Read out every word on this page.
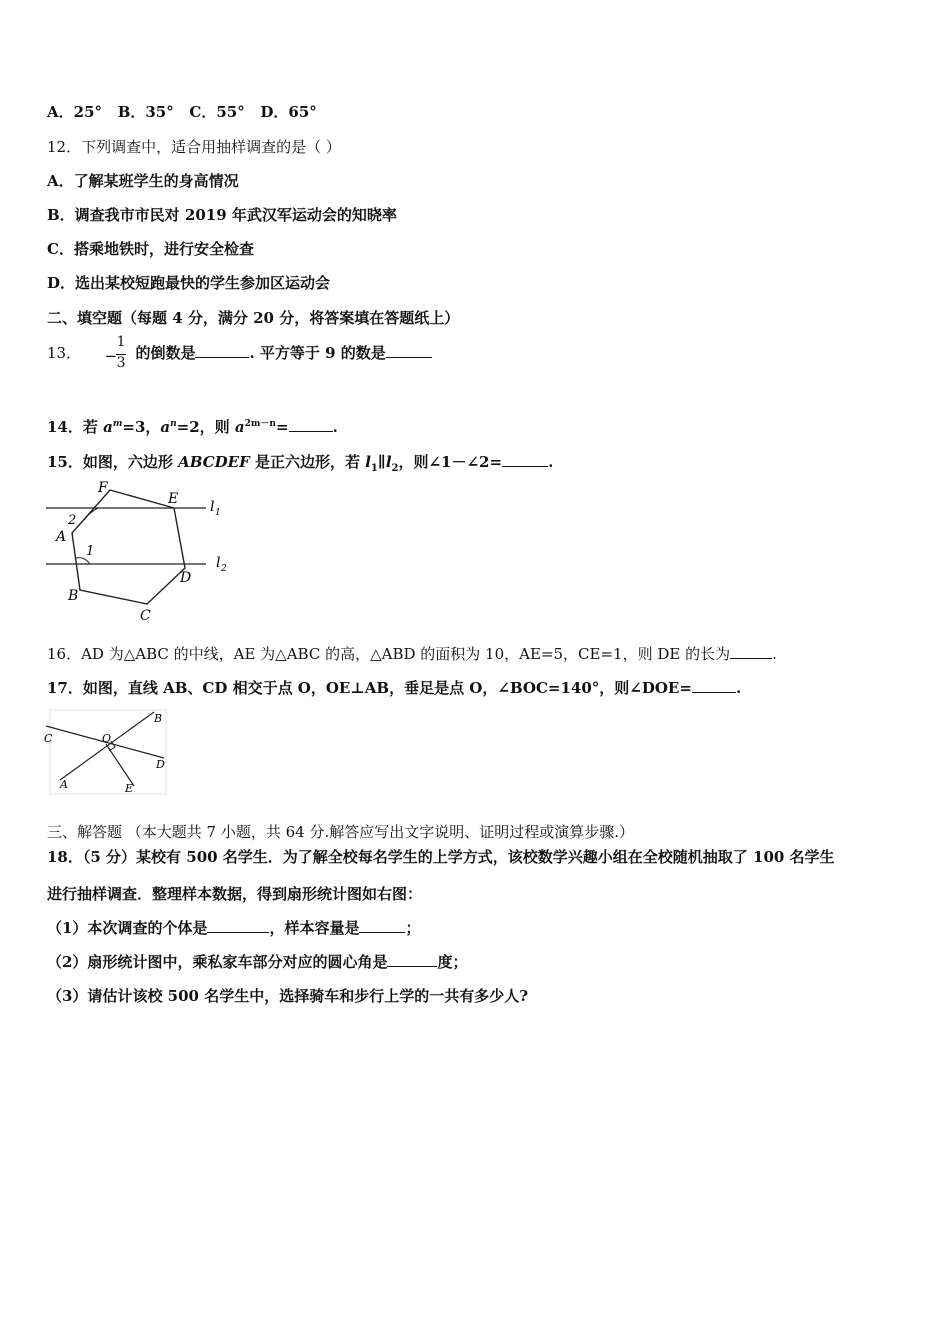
A．25° B．35° C．55° D．65°
12．下列调查中，适合用抽样调查的是（ ）
A．了解某班学生的身高情况
B．调查我市市民对 2019 年武汉军运动会的知晓率
C．搭乘地铁时，进行安全检查
D．选出某校短跑最快的学生参加区运动会
二、填空题（每题 4 分，满分 20 分，将答案填在答题纸上）
13． −
1
3
的倒数是	. 平方等于 9 的数是
14．若 $a^m=3$，$a^n=2$，则 $a^{2m-n}=$	.
15．如图，六边形 ABCDEF 是正六边形，若 $l_1\parallel l_2$，则∠1－∠2=	.
F
E
A
D
B
C
2
1
l 1
l 2
16．AD 为△ABC 的中线，AE 为△ABC 的高，△ABD 的面积为 10，AE=5，CE=1，则 DE 的长为	.
17．如图，直线 AB、CD 相交于点 O，OE⊥AB，垂足是点 O，∠BOC=140°，则∠DOE=	.
B
C	O
D
A	E
三、解答题 （本大题共 7 小题，共 64 分.解答应写出文字说明、证明过程或演算步骤.）
18．（5 分）某校有 500 名学生．为了解全校每名学生的上学方式，该校数学兴趣小组在全校随机抽取了 100 名学生
进行抽样调查．整理样本数据，得到扇形统计图如右图：
（1）本次调查的个体是	，样本容量是	；
（2）扇形统计图中，乘私家车部分对应的圆心角是	度；
（3）请估计该校 500 名学生中，选择骑车和步行上学的一共有多少人?
